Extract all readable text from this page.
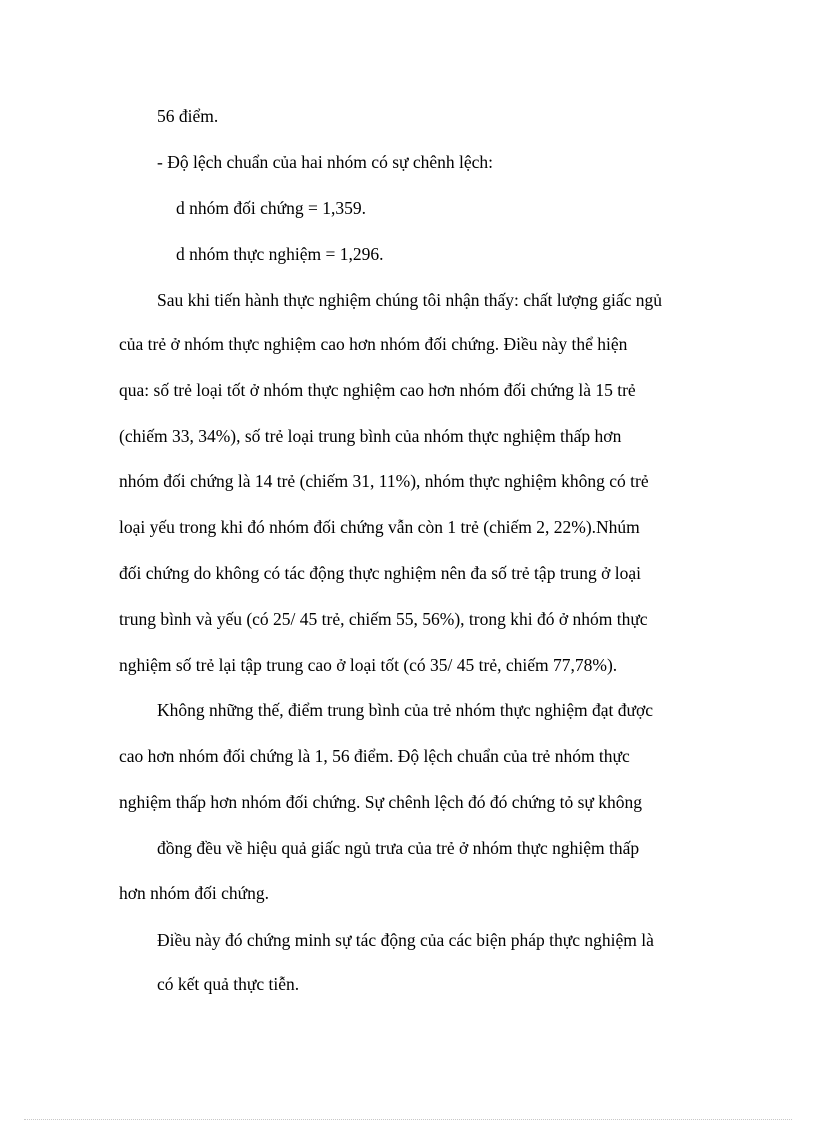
56 điểm.
- Độ lệch chuẩn của hai nhóm có sự chênh lệch:
d nhóm đối chứng = 1,359.
d nhóm thực nghiệm = 1,296.
Sau khi tiến hành thực nghiệm chúng tôi nhận thấy: chất lượng giấc ngủ
của trẻ ở nhóm thực nghiệm cao hơn nhóm đối chứng. Điều này thể hiện
qua: số trẻ loại tốt ở nhóm thực nghiệm cao hơn nhóm đối chứng là 15 trẻ
(chiếm 33, 34%), số trẻ loại trung bình của nhóm thực nghiệm thấp hơn
nhóm đối chứng là 14 trẻ (chiếm 31, 11%), nhóm thực nghiệm không có trẻ
loại yếu trong khi đó nhóm đối chứng vẫn còn 1 trẻ (chiếm 2, 22%).Nhúm
đối chứng do không có tác động thực nghiệm nên đa số trẻ tập trung ở loại
trung bình và yếu (có 25/ 45 trẻ, chiếm 55, 56%), trong khi đó ở nhóm thực
nghiệm số trẻ lại tập trung cao ở loại tốt (có 35/ 45 trẻ, chiếm 77,78%).
Không những thế, điểm trung bình của trẻ nhóm thực nghiệm đạt được
cao hơn nhóm đối chứng là 1, 56 điểm. Độ lệch chuẩn của trẻ nhóm thực
nghiệm thấp hơn nhóm đối chứng. Sự chênh lệch đó đó chứng tỏ sự không
đồng đều về hiệu quả giấc ngủ trưa của trẻ ở nhóm thực nghiệm thấp
hơn nhóm đối chứng.
Điều này đó chứng minh sự tác động của các biện pháp thực nghiệm là
có kết quả thực tiễn.
